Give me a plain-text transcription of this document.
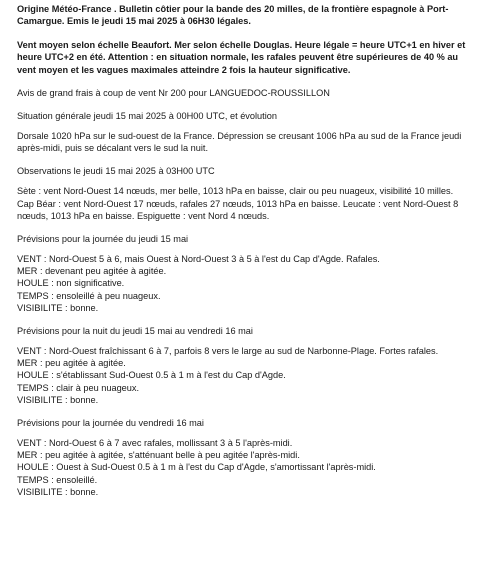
Origine Météo-France . Bulletin côtier pour la bande des 20 milles, de la frontière espagnole à Port-Camargue. Emis le jeudi 15 mai 2025 à 06H30 légales.

Vent moyen selon échelle Beaufort. Mer selon échelle Douglas. Heure légale = heure UTC+1 en hiver et heure UTC+2 en été. Attention : en situation normale, les rafales peuvent être supérieures de 40 % au vent moyen et les vagues maximales atteindre 2 fois la hauteur significative.

Avis de grand frais à coup de vent Nr 200 pour LANGUEDOC-ROUSSILLON

Situation générale jeudi 15 mai 2025 à 00H00 UTC, et évolution

Dorsale 1020 hPa sur le sud-ouest de la France. Dépression se creusant 1006 hPa au sud de la France jeudi après-midi, puis se décalant vers le sud la nuit.

Observations le jeudi 15 mai 2025 à 03H00 UTC

Sète : vent Nord-Ouest 14 nœuds, mer belle, 1013 hPa en baisse, clair ou peu nuageux, visibilité 10 milles. Cap Béar : vent Nord-Ouest 17 nœuds, rafales 27 nœuds, 1013 hPa en baisse. Leucate : vent Nord-Ouest 8 nœuds, 1013 hPa en baisse. Espiguette : vent Nord 4 nœuds.

Prévisions pour la journée du jeudi 15 mai

VENT : Nord-Ouest 5 à 6, mais Ouest à Nord-Ouest 3 à 5 à l'est du Cap d'Agde. Rafales.
MER : devenant peu agitée à agitée.
HOULE : non significative.
TEMPS : ensoleillé à peu nuageux.
VISIBILITE : bonne.

Prévisions pour la nuit du jeudi 15 mai au vendredi 16 mai

VENT : Nord-Ouest fraîchissant 6 à 7, parfois 8 vers le large au sud de Narbonne-Plage. Fortes rafales.
MER : peu agitée à agitée.
HOULE : s'établissant Sud-Ouest 0.5 à 1 m à l'est du Cap d'Agde.
TEMPS : clair à peu nuageux.
VISIBILITE : bonne.

Prévisions pour la journée du vendredi 16 mai

VENT : Nord-Ouest 6 à 7 avec rafales, mollissant 3 à 5 l'après-midi.
MER : peu agitée à agitée, s'atténuant belle à peu agitée l'après-midi.
HOULE : Ouest à Sud-Ouest 0.5 à 1 m à l'est du Cap d'Agde, s'amortissant l'après-midi.
TEMPS : ensoleillé.
VISIBILITE : bonne.
